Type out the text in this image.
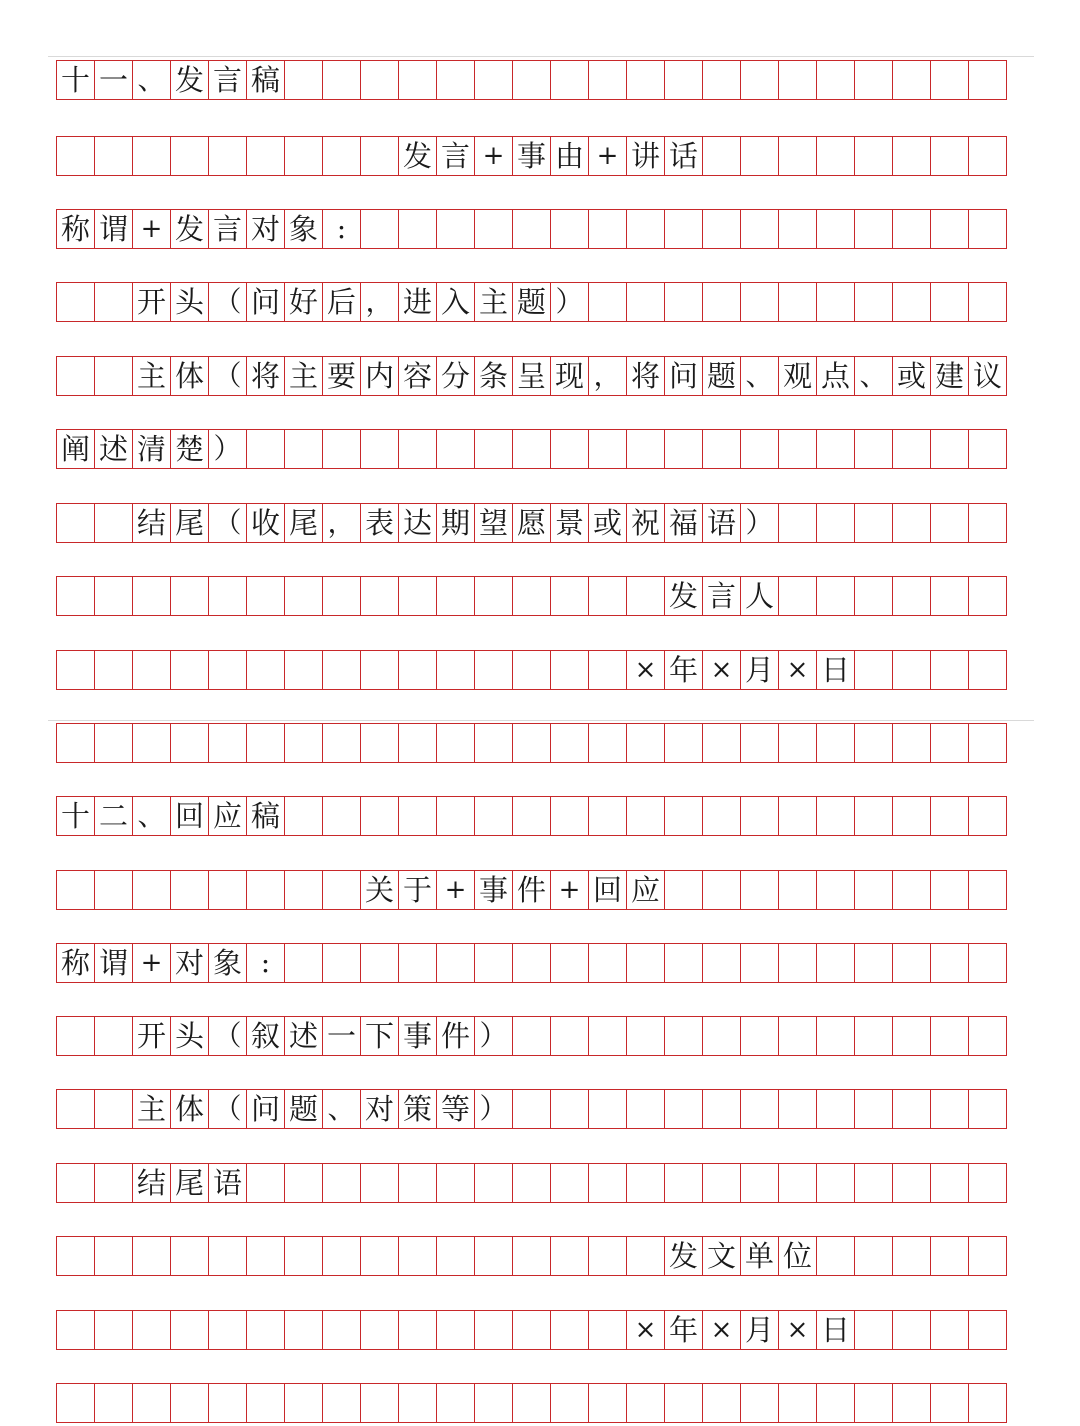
十 一 、 发 言 稿
发 言 + 事 由 + 讲 话
称 谓 + 发 言 对 象 :
开 头 （ 问 好 后 ， 进 入 主 题 ）
主 体 （ 将 主 要 内 容 分 条 呈 现 ， 将 问 题 、 观 点 、 或 建 议
阐 述 清 楚 ）
结 尾 （ 收 尾 ， 表 达 期 望 愿 景 或 祝 福 语 ）
发 言 人
× 年 × 月 × 日
十 二 、 回 应 稿
关 于 + 事 件 + 回 应
称 谓 + 对 象 :
开 头 （ 叙 述 一 下 事 件 ）
主 体 （ 问 题 、 对 策 等 ）
结 尾 语
发 文 单 位
× 年 × 月 × 日
